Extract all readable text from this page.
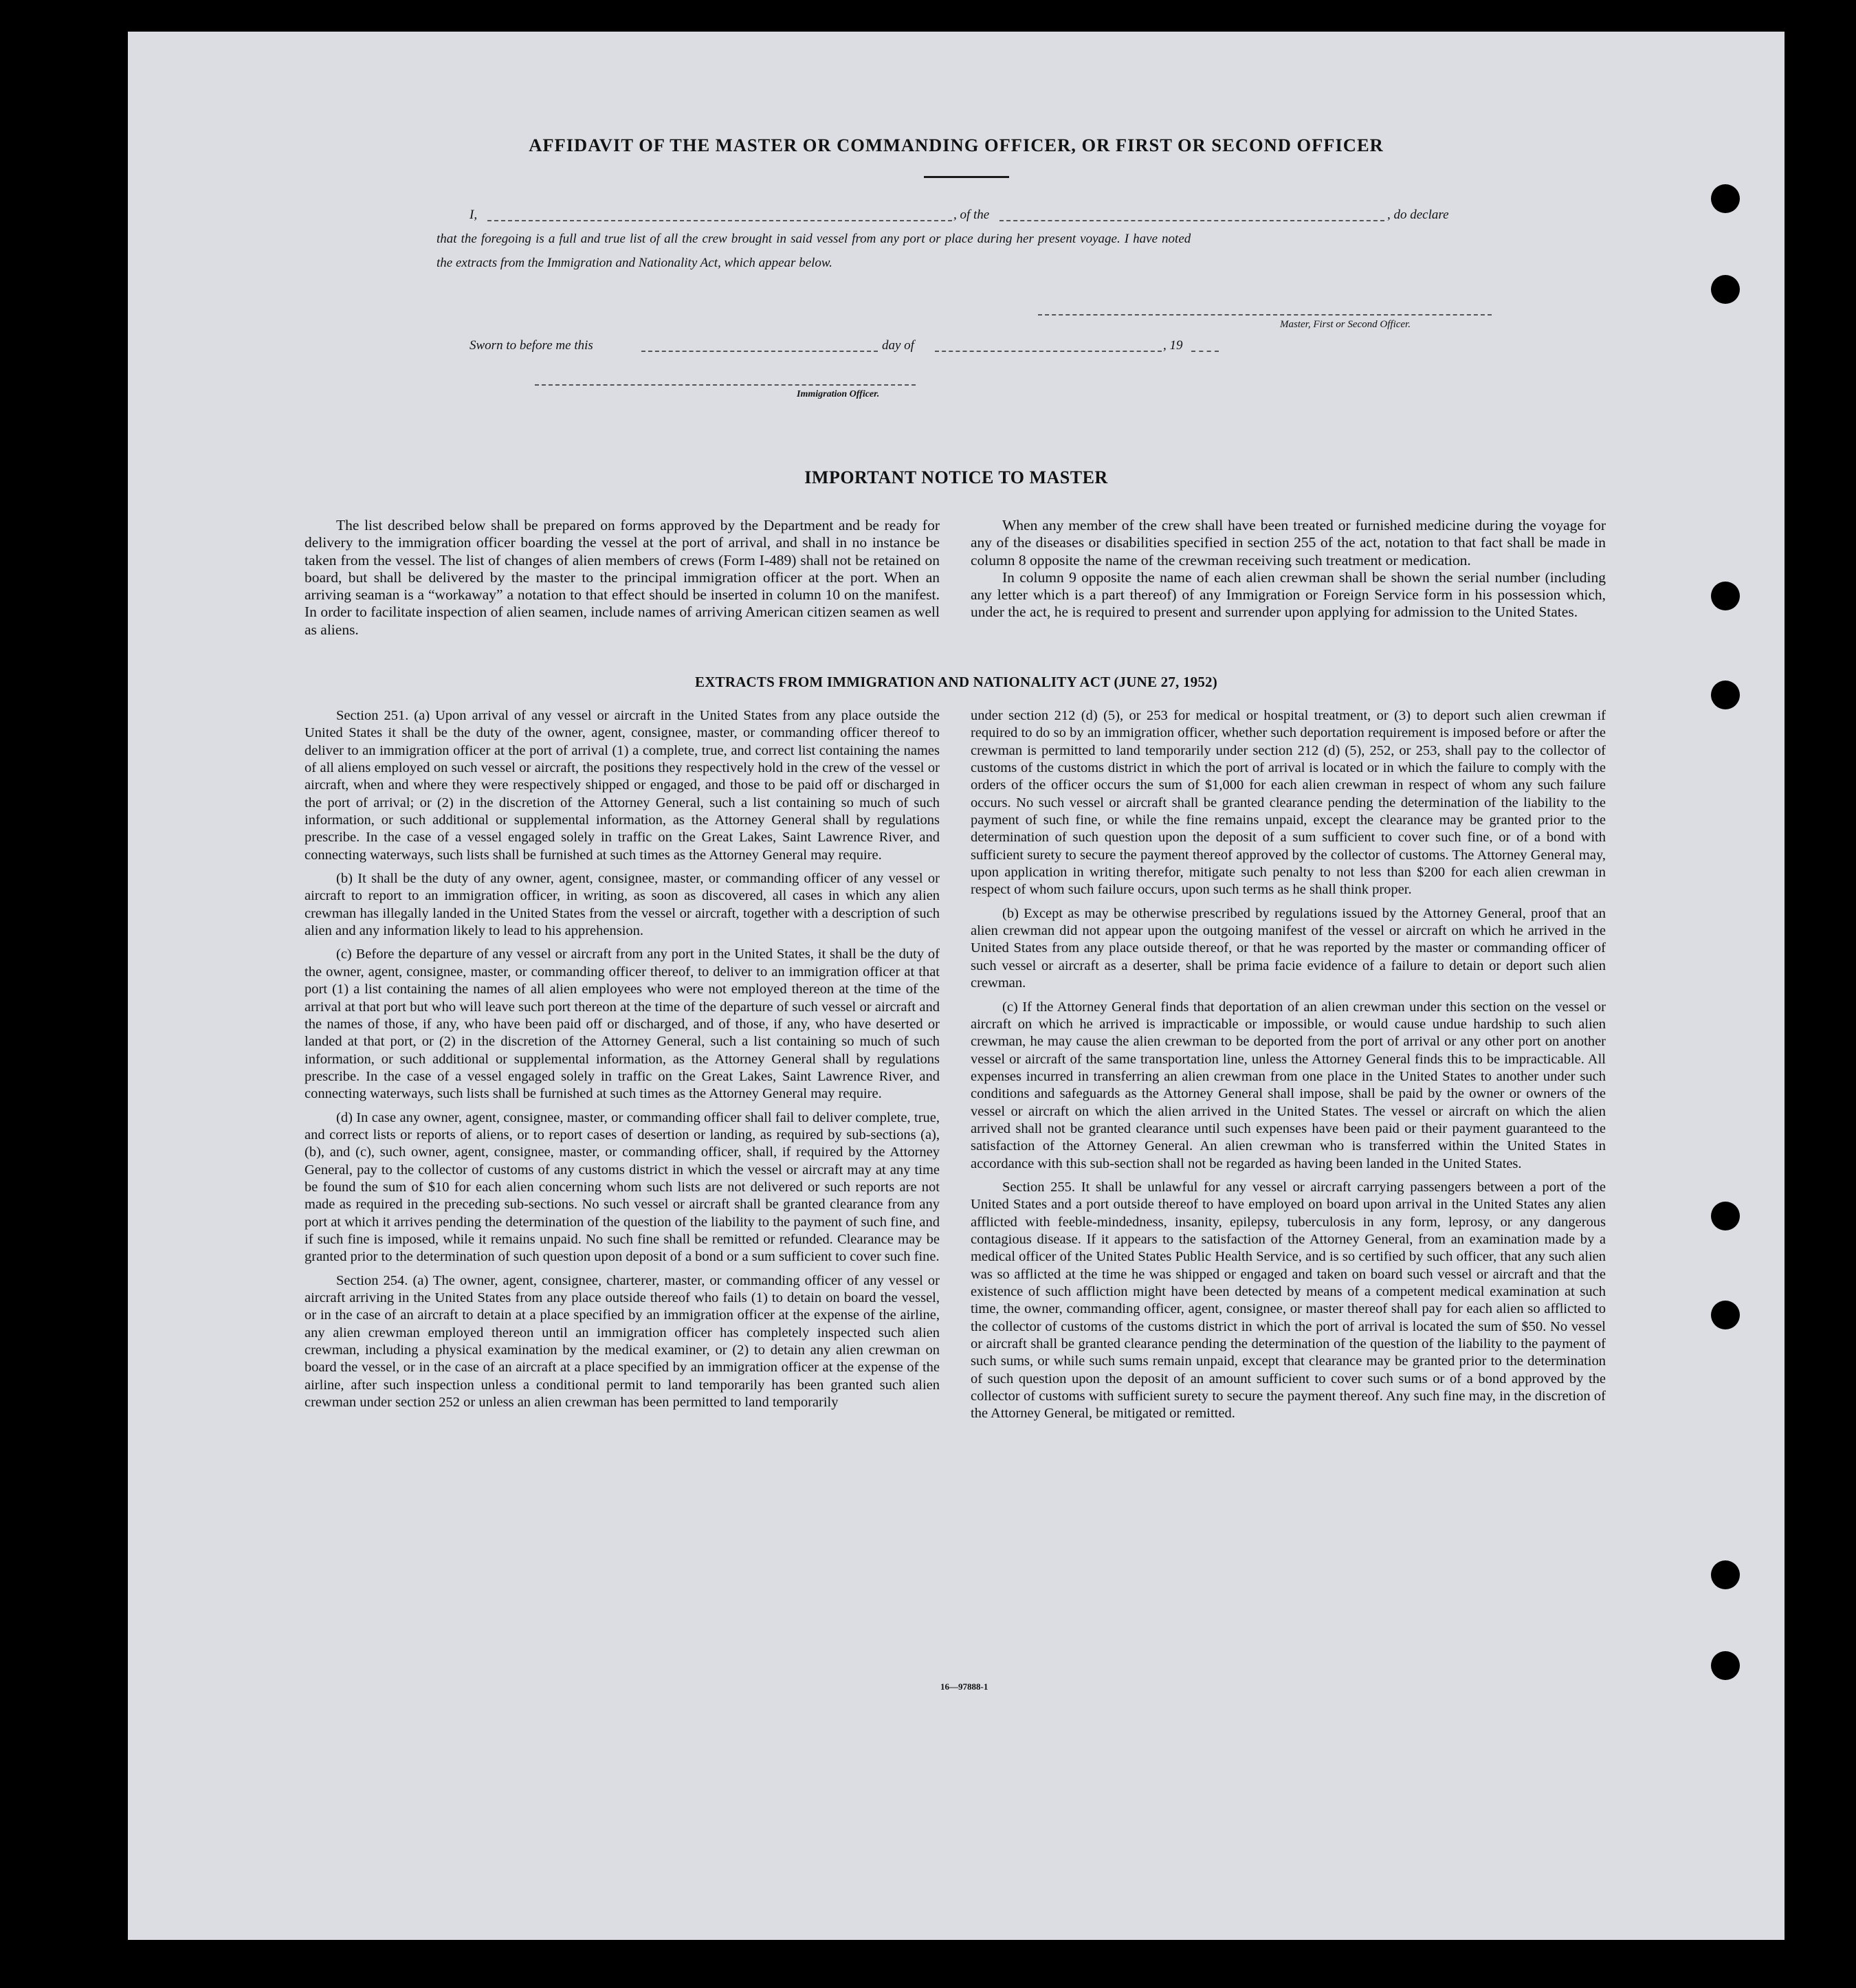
AFFIDAVIT OF THE MASTER OR COMMANDING OFFICER, OR FIRST OR SECOND OFFICER
I,	, of the	, do declare
that the foregoing is a full and true list of all the crew brought in said vessel from any port or place during her present voyage. I have noted
the extracts from the Immigration and Nationality Act, which appear below.
Master, First or Second Officer.
Sworn to before me this	day of	, 19
Immigration Officer.
IMPORTANT NOTICE TO MASTER

The list described below shall be prepared on forms approved by the Department and be ready for delivery to the immigration officer boarding the vessel at the port of arrival, and shall in no instance be taken from the vessel. The list of changes of alien members of crews (Form I-489) shall not be retained on board, but shall be delivered by the master to the principal immigration officer at the port. When an arriving seaman is a “workaway” a notation to that effect should be inserted in column 10 on the manifest. In order to facilitate inspection of alien seamen, include names of arriving American citizen seamen as well as aliens.

When any member of the crew shall have been treated or furnished medicine during the voyage for any of the diseases or disabilities specified in section 255 of the act, notation to that fact shall be made in column 8 opposite the name of the crewman receiving such treatment or medication.

In column 9 opposite the name of each alien crewman shall be shown the serial number (including any letter which is a part thereof) of any Immigration or Foreign Service form in his possession which, under the act, he is required to present and surrender upon applying for admission to the United States.

EXTRACTS FROM IMMIGRATION AND NATIONALITY ACT (JUNE 27, 1952)

Section 251. (a) Upon arrival of any vessel or aircraft in the United States from any place outside the United States it shall be the duty of the owner, agent, consignee, master, or commanding officer thereof to deliver to an immigration officer at the port of arrival (1) a complete, true, and correct list containing the names of all aliens employed on such vessel or aircraft, the positions they respectively hold in the crew of the vessel or aircraft, when and where they were respectively shipped or engaged, and those to be paid off or discharged in the port of arrival; or (2) in the discretion of the Attorney General, such a list containing so much of such information, or such additional or supplemental information, as the Attorney General shall by regulations prescribe. In the case of a vessel engaged solely in traffic on the Great Lakes, Saint Lawrence River, and connecting waterways, such lists shall be furnished at such times as the Attorney General may require.

(b) It shall be the duty of any owner, agent, consignee, master, or commanding officer of any vessel or aircraft to report to an immigration officer, in writing, as soon as discovered, all cases in which any alien crewman has illegally landed in the United States from the vessel or aircraft, together with a description of such alien and any information likely to lead to his apprehension.

(c) Before the departure of any vessel or aircraft from any port in the United States, it shall be the duty of the owner, agent, consignee, master, or commanding officer thereof, to deliver to an immigration officer at that port (1) a list containing the names of all alien employees who were not employed thereon at the time of the arrival at that port but who will leave such port thereon at the time of the departure of such vessel or aircraft and the names of those, if any, who have been paid off or discharged, and of those, if any, who have deserted or landed at that port, or (2) in the discretion of the Attorney General, such a list containing so much of such information, or such additional or supplemental information, as the Attorney General shall by regulations prescribe. In the case of a vessel engaged solely in traffic on the Great Lakes, Saint Lawrence River, and connecting waterways, such lists shall be furnished at such times as the Attorney General may require.

(d) In case any owner, agent, consignee, master, or commanding officer shall fail to deliver complete, true, and correct lists or reports of aliens, or to report cases of desertion or landing, as required by sub-sections (a), (b), and (c), such owner, agent, consignee, master, or commanding officer, shall, if required by the Attorney General, pay to the collector of customs of any customs district in which the vessel or aircraft may at any time be found the sum of $10 for each alien concerning whom such lists are not delivered or such reports are not made as required in the preceding sub-sections. No such vessel or aircraft shall be granted clearance from any port at which it arrives pending the determination of the question of the liability to the payment of such fine, and if such fine is imposed, while it remains unpaid. No such fine shall be remitted or refunded. Clearance may be granted prior to the determination of such question upon deposit of a bond or a sum sufficient to cover such fine.

Section 254. (a) The owner, agent, consignee, charterer, master, or commanding officer of any vessel or aircraft arriving in the United States from any place outside thereof who fails (1) to detain on board the vessel, or in the case of an aircraft to detain at a place specified by an immigration officer at the expense of the airline, any alien crewman employed thereon until an immigration officer has completely inspected such alien crewman, including a physical examination by the medical examiner, or (2) to detain any alien crewman on board the vessel, or in the case of an aircraft at a place specified by an immigration officer at the expense of the airline, after such inspection unless a conditional permit to land temporarily has been granted such alien crewman under section 252 or unless an alien crewman has been permitted to land temporarily

under section 212 (d) (5), or 253 for medical or hospital treatment, or (3) to deport such alien crewman if required to do so by an immigration officer, whether such deportation requirement is imposed before or after the crewman is permitted to land temporarily under section 212 (d) (5), 252, or 253, shall pay to the collector of customs of the customs district in which the port of arrival is located or in which the failure to comply with the orders of the officer occurs the sum of $1,000 for each alien crewman in respect of whom any such failure occurs. No such vessel or aircraft shall be granted clearance pending the determination of the liability to the payment of such fine, or while the fine remains unpaid, except the clearance may be granted prior to the determination of such question upon the deposit of a sum sufficient to cover such fine, or of a bond with sufficient surety to secure the payment thereof approved by the collector of customs. The Attorney General may, upon application in writing therefor, mitigate such penalty to not less than $200 for each alien crewman in respect of whom such failure occurs, upon such terms as he shall think proper.

(b) Except as may be otherwise prescribed by regulations issued by the Attorney General, proof that an alien crewman did not appear upon the outgoing manifest of the vessel or aircraft on which he arrived in the United States from any place outside thereof, or that he was reported by the master or commanding officer of such vessel or aircraft as a deserter, shall be prima facie evidence of a failure to detain or deport such alien crewman.

(c) If the Attorney General finds that deportation of an alien crewman under this section on the vessel or aircraft on which he arrived is impracticable or impossible, or would cause undue hardship to such alien crewman, he may cause the alien crewman to be deported from the port of arrival or any other port on another vessel or aircraft of the same transportation line, unless the Attorney General finds this to be impracticable. All expenses incurred in transferring an alien crewman from one place in the United States to another under such conditions and safeguards as the Attorney General shall impose, shall be paid by the owner or owners of the vessel or aircraft on which the alien arrived in the United States. The vessel or aircraft on which the alien arrived shall not be granted clearance until such expenses have been paid or their payment guaranteed to the satisfaction of the Attorney General. An alien crewman who is transferred within the United States in accordance with this sub-section shall not be regarded as having been landed in the United States.

Section 255. It shall be unlawful for any vessel or aircraft carrying passengers between a port of the United States and a port outside thereof to have employed on board upon arrival in the United States any alien afflicted with feeble-mindedness, insanity, epilepsy, tuberculosis in any form, leprosy, or any dangerous contagious disease. If it appears to the satisfaction of the Attorney General, from an examination made by a medical officer of the United States Public Health Service, and is so certified by such officer, that any such alien was so afflicted at the time he was shipped or engaged and taken on board such vessel or aircraft and that the existence of such affliction might have been detected by means of a competent medical examination at such time, the owner, commanding officer, agent, consignee, or master thereof shall pay for each alien so afflicted to the collector of customs of the customs district in which the port of arrival is located the sum of $50. No vessel or aircraft shall be granted clearance pending the determination of the question of the liability to the payment of such sums, or while such sums remain unpaid, except that clearance may be granted prior to the determination of such question upon the deposit of an amount sufficient to cover such sums or of a bond approved by the collector of customs with sufficient surety to secure the payment thereof. Any such fine may, in the discretion of the Attorney General, be mitigated or remitted.

16—97888-1
